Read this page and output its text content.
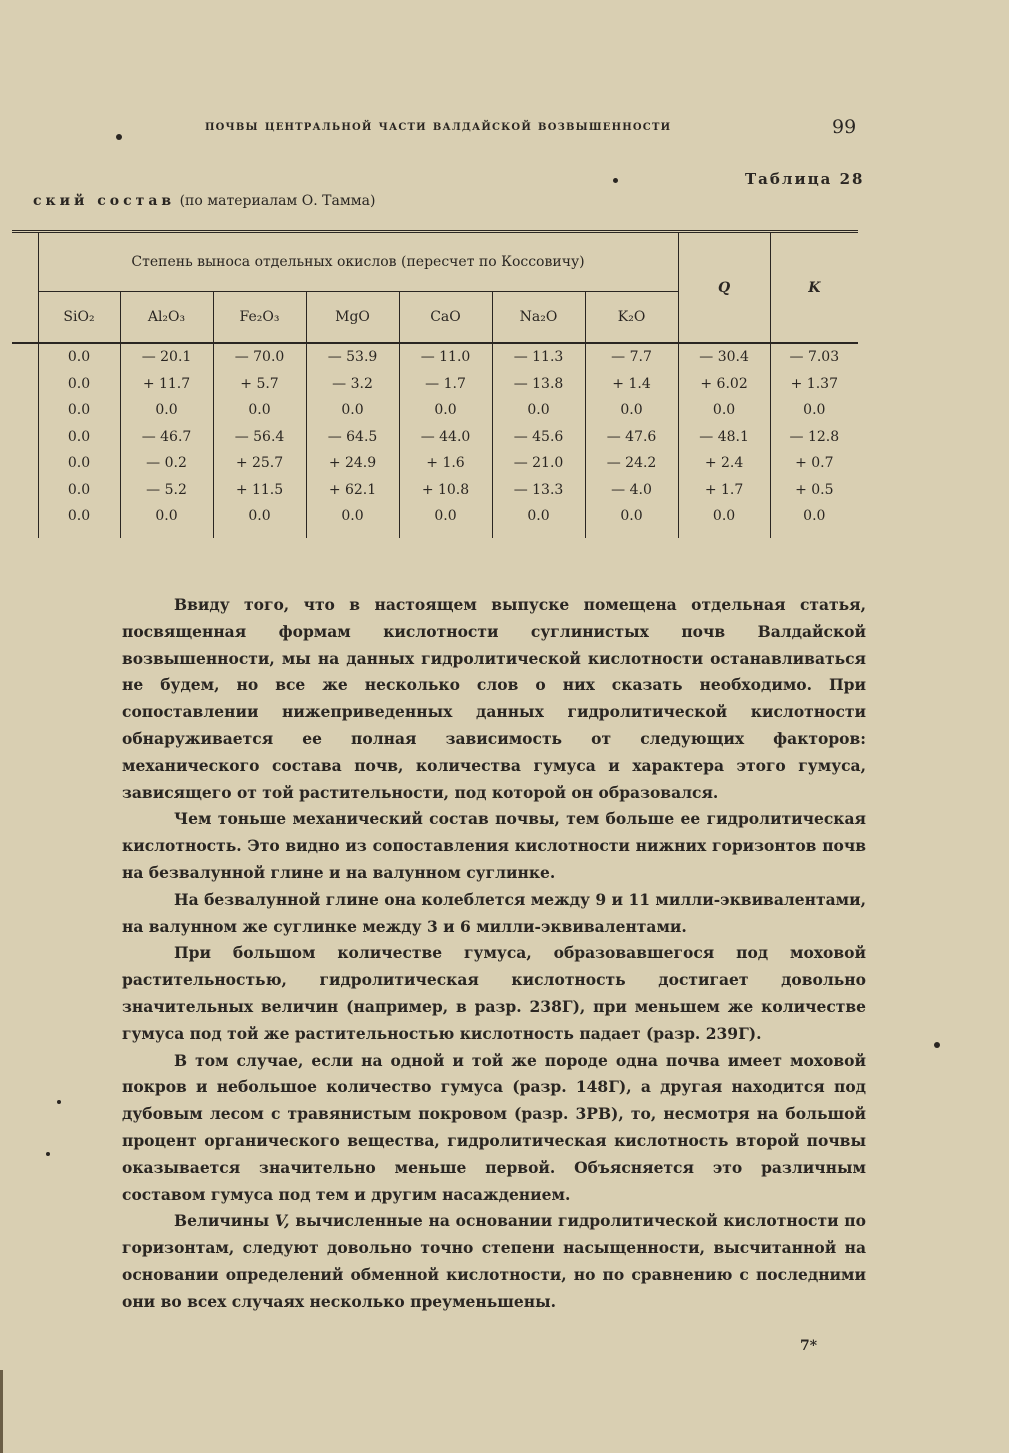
почвы центральной части валдайской возвышенности	99
Таблица 28
ский состав (по материалам О. Тамма)
	Степень выноса отдельных окислов (пересчет по Коссовичу)							Q	K
	SiO₂	Al₂O₃	Fe₂O₃	MgO	CaO	Na₂O	K₂O		
	0.0	— 20.1	— 70.0	— 53.9	— 11.0	— 11.3	— 7.7	— 30.4	— 7.03
	0.0	+ 11.7	+ 5.7	— 3.2	— 1.7	— 13.8	+ 1.4	+ 6.02	+ 1.37
	0.0	0.0	0.0	0.0	0.0	0.0	0.0	0.0	0.0
	0.0	— 46.7	— 56.4	— 64.5	— 44.0	— 45.6	— 47.6	— 48.1	— 12.8
	0.0	— 0.2	+ 25.7	+ 24.9	+ 1.6	— 21.0	— 24.2	+ 2.4	+ 0.7
	0.0	— 5.2	+ 11.5	+ 62.1	+ 10.8	— 13.3	— 4.0	+ 1.7	+ 0.5
	0.0	0.0	0.0	0.0	0.0	0.0	0.0	0.0	0.0

Ввиду того, что в настоящем выпуске помещена отдельная статья, посвященная формам кислотности суглинистых почв Валдайской возвышенности, мы на данных гидролитической кислотности останавливаться не будем, но все же несколько слов о них сказать необходимо. При сопоставлении нижеприведенных данных гидролитической кислотности обнаруживается ее полная зависимость от следующих факторов: механического состава почв, количества гумуса и характера этого гумуса, зависящего от той растительности, под которой он образовался.

Чем тоньше механический состав почвы, тем больше ее гидролитическая кислотность. Это видно из сопоставления кислотности нижних горизонтов почв на безвалунной глине и на валунном суглинке.

На безвалунной глине она колеблется между 9 и 11 милли-эквивалентами, на валунном же суглинке между 3 и 6 милли-эквивалентами.

При большом количестве гумуса, образовавшегося под моховой растительностью, гидролитическая кислотность достигает довольно значительных величин (например, в разр. 238Г), при меньшем же количестве гумуса под той же растительностью кислотность падает (разр. 239Г).

В том случае, если на одной и той же породе одна почва имеет моховой покров и небольшое количество гумуса (разр. 148Г), а другая находится под дубовым лесом с травянистым покровом (разр. 3РВ), то, несмотря на большой процент органического вещества, гидролитическая кислотность второй почвы оказывается значительно меньше первой. Объясняется это различным составом гумуса под тем и другим насаждением.

Величины V, вычисленные на основании гидролитической кислотности по горизонтам, следуют довольно точно степени насыщенности, высчитанной на основании определений обменной кислотности, но по сравнению с последними они во всех случаях несколько преуменьшены.

7*
